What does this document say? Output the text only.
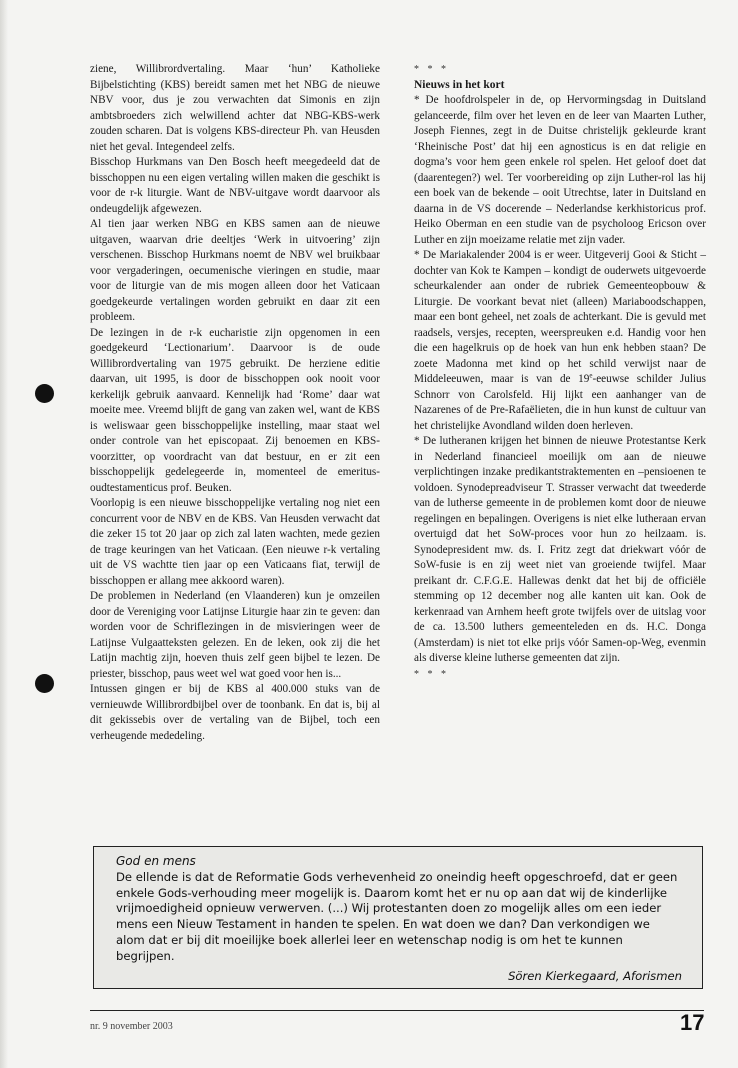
ziene, Willibrordvertaling. Maar ‘hun’ Katholieke Bijbelstichting (KBS) bereidt samen met het NBG de nieuwe NBV voor, dus je zou verwachten dat Simonis en zijn ambtsbroeders zich welwillend achter dat NBG-KBS-werk zouden scharen. Dat is volgens KBS-directeur Ph. van Heusden niet het geval. Integendeel zelfs.

Bisschop Hurkmans van Den Bosch heeft meegedeeld dat de bisschoppen nu een eigen vertaling willen maken die geschikt is voor de r-k liturgie. Want de NBV-uitgave wordt daarvoor als ondeugdelijk afgewezen.

Al tien jaar werken NBG en KBS samen aan de nieuwe uitgaven, waarvan drie deeltjes ‘Werk in uitvoering’ zijn verschenen. Bisschop Hurkmans noemt de NBV wel bruikbaar voor vergaderingen, oecumenische vieringen en studie, maar voor de liturgie van de mis mogen alleen door het Vaticaan goedgekeurde vertalingen worden gebruikt en daar zit een probleem.

De lezingen in de r-k eucharistie zijn opgenomen in een goedgekeurd ‘Lectionarium’. Daarvoor is de oude Willibrordvertaling van 1975 gebruikt. De herziene editie daarvan, uit 1995, is door de bisschoppen ook nooit voor kerkelijk gebruik aanvaard. Kennelijk had ‘Rome’ daar wat moeite mee. Vreemd blijft de gang van zaken wel, want de KBS is weliswaar geen bisschoppelijke instelling, maar staat wel onder controle van het episcopaat. Zij benoemen en KBS-voorzitter, op voordracht van dat bestuur, en er zit een bisschoppelijk gedelegeerde in, momenteel de emeritus-oudtestamenticus prof. Beuken.

Voorlopig is een nieuwe bisschoppelijke vertaling nog niet een concurrent voor de NBV en de KBS. Van Heusden verwacht dat die zeker 15 tot 20 jaar op zich zal laten wachten, mede gezien de trage keuringen van het Vaticaan. (Een nieuwe r-k vertaling uit de VS wachtte tien jaar op een Vaticaans fiat, terwijl de bisschoppen er allang mee akkoord waren).

De problemen in Nederland (en Vlaanderen) kun je omzeilen door de Vereniging voor Latijnse Liturgie haar zin te geven: dan worden voor de Schriflezingen in de misvieringen weer de Latijnse Vulgaatteksten gelezen. En de leken, ook zij die het Latijn machtig zijn, hoeven thuis zelf geen bijbel te lezen. De priester, bisschop, paus weet wel wat goed voor hen is...

Intussen gingen er bij de KBS al 400.000 stuks van de vernieuwde Willibrordbijbel over de toonbank. En dat is, bij al dit gekissebis over de vertaling van de Bijbel, toch een verheugende mededeling.

* * *

Nieuws in het kort

* De hoofdrolspeler in de, op Hervormingsdag in Duitsland gelanceerde, film over het leven en de leer van Maarten Luther, Joseph Fiennes, zegt in de Duitse christelijk gekleurde krant ‘Rheinische Post’ dat hij een agnosticus is en dat religie en dogma’s voor hem geen enkele rol spelen. Het geloof doet dat (daarentegen?) wel. Ter voorbereiding op zijn Luther-rol las hij een boek van de bekende – ooit Utrechtse, later in Duitsland en daarna in de VS docerende – Nederlandse kerkhistoricus prof. Heiko Oberman en een studie van de psycholoog Ericson over Luther en zijn moeizame relatie met zijn vader.

* De Mariakalender 2004 is er weer. Uitgeverij Gooi & Sticht – dochter van Kok te Kampen – kondigt de ouderwets uitgevoerde scheurkalender aan onder de rubriek Gemeenteopbouw & Liturgie. De voorkant bevat niet (alleen) Mariaboodschappen, maar een bont geheel, net zoals de achterkant. Die is gevuld met raadsels, versjes, recepten, weerspreuken e.d. Handig voor hen die een hagelkruis op de hoek van hun enk hebben staan? De zoete Madonna met kind op het schild verwijst naar de Middeleeuwen, maar is van de 19e-eeuwse schilder Julius Schnorr von Carolsfeld. Hij lijkt een aanhanger van de Nazarenes of de Pre-Rafaëlieten, die in hun kunst de cultuur van het christelijke Avondland wilden doen herleven.

* De lutheranen krijgen het binnen de nieuwe Protestantse Kerk in Nederland financieel moeilijk om aan de nieuwe verplichtingen inzake predikantstraktementen en –pensioenen te voldoen. Synodepreadviseur T. Strasser verwacht dat tweederde van de lutherse gemeente in de problemen komt door de nieuwe regelingen en bepalingen. Overigens is niet elke lutheraan ervan overtuigd dat het SoW-proces voor hun zo heilzaam. is. Synodepresident mw. ds. I. Fritz zegt dat driekwart vóór de SoW-fusie is en zij weet niet van groeiende twijfel. Maar preikant dr. C.F.G.E. Hallewas denkt dat het bij de officiële stemming op 12 december nog alle kanten uit kan. Ook de kerkenraad van Arnhem heeft grote twijfels over de uitslag voor de ca. 13.500 luthers gemeenteleden en ds. H.C. Donga (Amsterdam) is niet tot elke prijs vóór Samen-op-Weg, evenmin als diverse kleine lutherse gemeenten dat zijn.

* * *

God en mens

De ellende is dat de Reformatie Gods verhevenheid zo oneindig heeft opgeschroefd, dat er geen enkele Gods-verhouding meer mogelijk is. Daarom komt het er nu op aan dat wij de kinderlijke vrijmoedigheid opnieuw verwerven. (...) Wij protestanten doen zo mogelijk alles om een ieder mens een Nieuw Testament in handen te spelen. En wat doen we dan? Dan verkondigen we alom dat er bij dit moeilijke boek allerlei leer en wetenschap nodig is om het te kunnen begrijpen.

Sören Kierkegaard, Aforismen

nr. 9 november 2003	17
